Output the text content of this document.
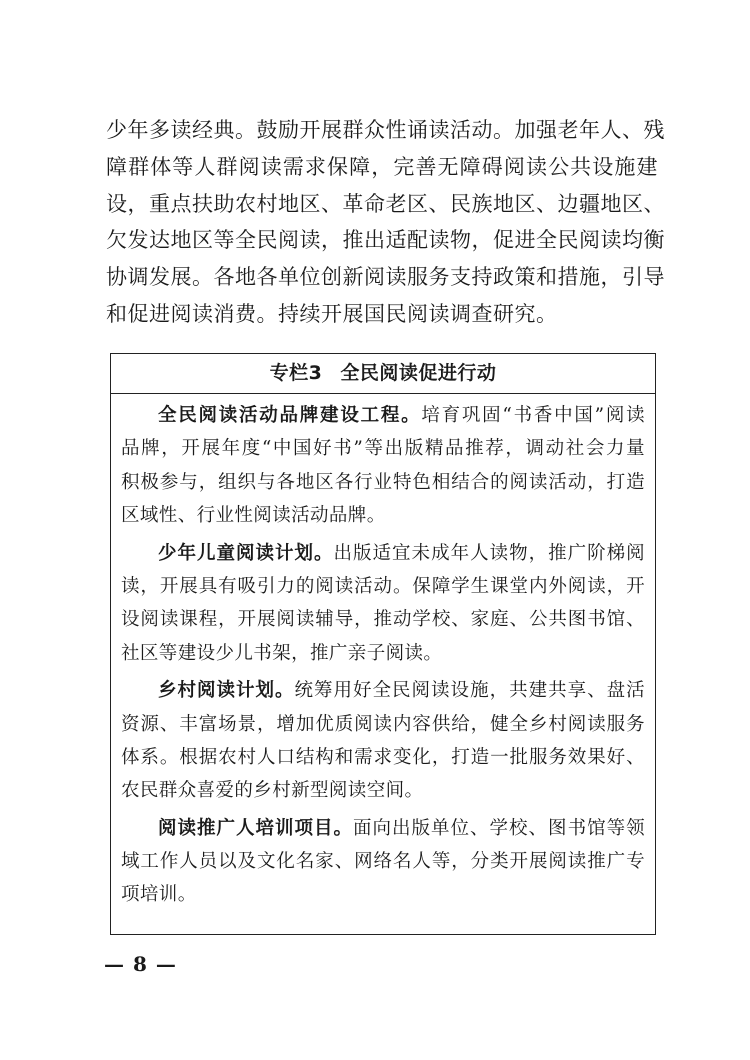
少年多读经典。鼓励开展群众性诵读活动。加强老年人、残
障群体等人群阅读需求保障，完善无障碍阅读公共设施建
设，重点扶助农村地区、革命老区、民族地区、边疆地区、
欠发达地区等全民阅读，推出适配读物，促进全民阅读均衡
协调发展。各地各单位创新阅读服务支持政策和措施，引导
和促进阅读消费。持续开展国民阅读调查研究。
专栏3 全民阅读促进行动
全民阅读活动品牌建设工程。培育巩固“书香中国”阅读
品牌，开展年度“中国好书”等出版精品推荐，调动社会力量
积极参与，组织与各地区各行业特色相结合的阅读活动，打造
区域性、行业性阅读活动品牌。
少年儿童阅读计划。出版适宜未成年人读物，推广阶梯阅
读，开展具有吸引力的阅读活动。保障学生课堂内外阅读，开
设阅读课程，开展阅读辅导，推动学校、家庭、公共图书馆、
社区等建设少儿书架，推广亲子阅读。
乡村阅读计划。统筹用好全民阅读设施，共建共享、盘活
资源、丰富场景，增加优质阅读内容供给，健全乡村阅读服务
体系。根据农村人口结构和需求变化，打造一批服务效果好、
农民群众喜爱的乡村新型阅读空间。
阅读推广人培训项目。面向出版单位、学校、图书馆等领
域工作人员以及文化名家、网络名人等，分类开展阅读推广专
项培训。
— 8 —
